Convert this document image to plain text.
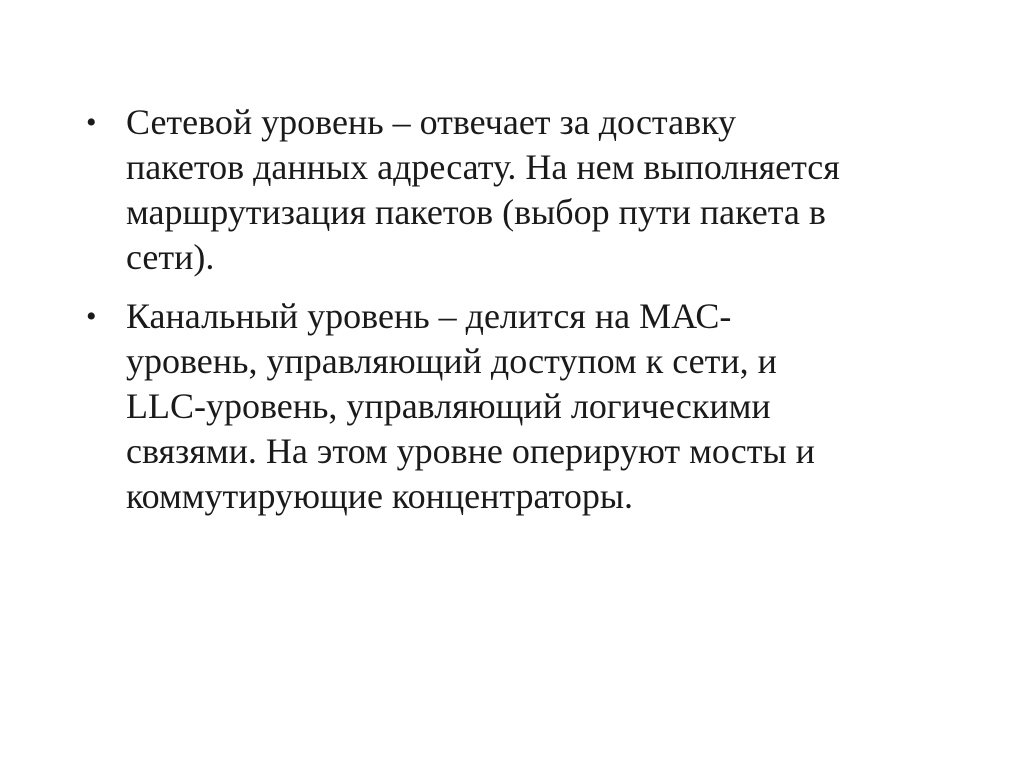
• Сетевой уровень – отвечает за доставку
пакетов данных адресату. На нем выполняется
маршрутизация пакетов (выбор пути пакета в
сети).
• Канальный уровень – делится на МАС-
уровень, управляющий доступом к сети, и
LLC-уровень, управляющий логическими
связями. На этом уровне оперируют мосты и
коммутирующие концентраторы.
